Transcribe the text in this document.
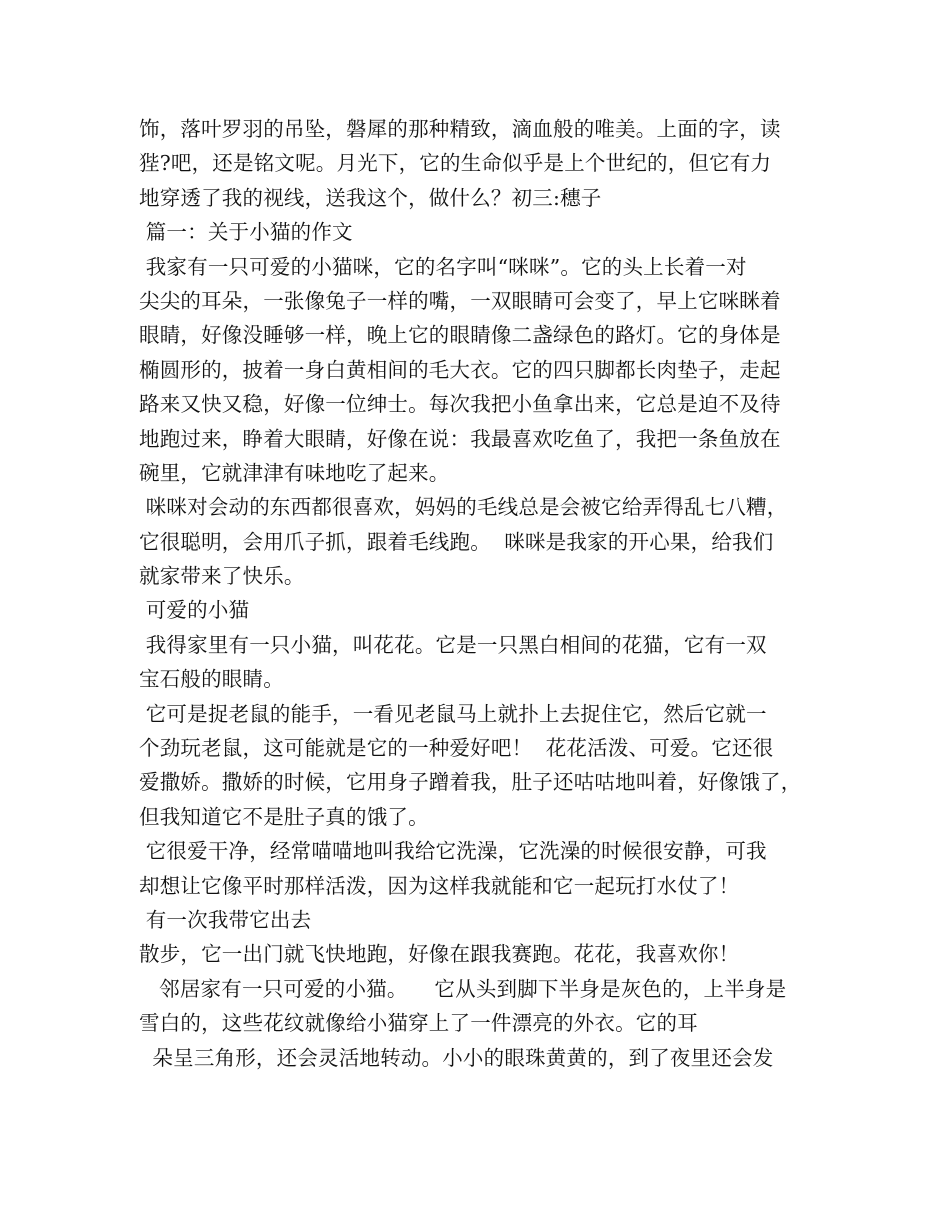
饰，落叶罗羽的吊坠，磐犀的那种精致，滴血般的唯美。上面的字，读
狴?吧，还是铭文呢。月光下，它的生命似乎是上个世纪的，但它有力
地穿透了我的视线，送我这个，做什么？初三:穗子
篇一：关于小猫的作文
我家有一只可爱的小猫咪，它的名字叫“咪咪”。它的头上长着一对
尖尖的耳朵，一张像兔子一样的嘴，一双眼睛可会变了，早上它咪眯着
眼睛，好像没睡够一样，晚上它的眼睛像二盏绿色的路灯。它的身体是
椭圆形的，披着一身白黄相间的毛大衣。它的四只脚都长肉垫子，走起
路来又快又稳，好像一位绅士。每次我把小鱼拿出来，它总是迫不及待
地跑过来，睁着大眼睛，好像在说：我最喜欢吃鱼了，我把一条鱼放在
碗里，它就津津有味地吃了起来。
咪咪对会动的东西都很喜欢，妈妈的毛线总是会被它给弄得乱七八糟，
它很聪明，会用爪子抓，跟着毛线跑。  咪咪是我家的开心果，给我们
就家带来了快乐。
可爱的小猫
我得家里有一只小猫，叫花花。它是一只黑白相间的花猫，它有一双
宝石般的眼睛。
它可是捉老鼠的能手，一看见老鼠马上就扑上去捉住它，然后它就一
个劲玩老鼠，这可能就是它的一种爱好吧！  花花活泼、可爱。它还很
爱撒娇。撒娇的时候，它用身子蹭着我，肚子还咕咕地叫着，好像饿了，
但我知道它不是肚子真的饿了。
它很爱干净，经常喵喵地叫我给它洗澡，它洗澡的时候很安静，可我
却想让它像平时那样活泼，因为这样我就能和它一起玩打水仗了！
有一次我带它出去
散步，它一出门就飞快地跑，好像在跟我赛跑。花花，我喜欢你！
邻居家有一只可爱的小猫。    它从头到脚下半身是灰色的，上半身是
雪白的，这些花纹就像给小猫穿上了一件漂亮的外衣。它的耳
朵呈三角形，还会灵活地转动。小小的眼珠黄黄的，到了夜里还会发
